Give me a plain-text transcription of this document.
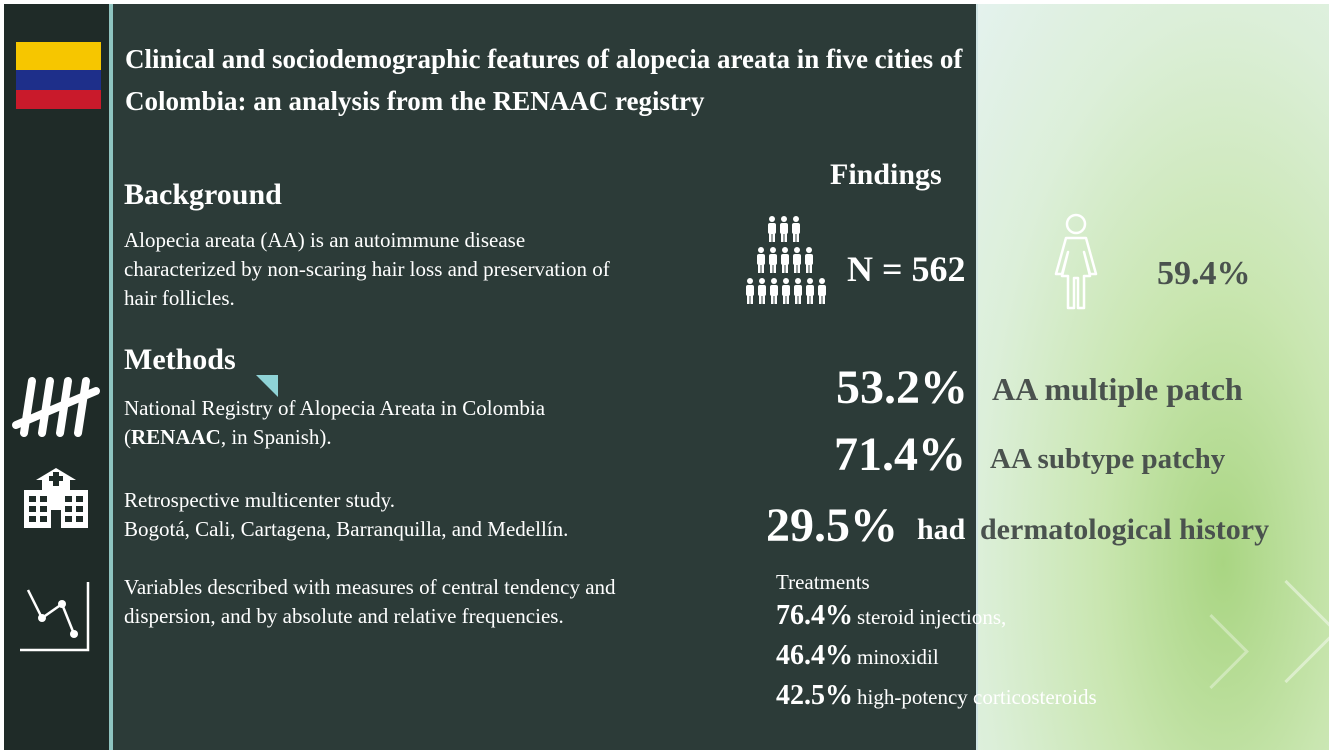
Clinical and sociodemographic features of alopecia areata in five cities of Colombia: an analysis from the RENAAC registry
Background
Alopecia areata (AA) is an autoimmune disease characterized by non-scaring hair loss and preservation of hair follicles.
Methods
National Registry of Alopecia Areata in Colombia
(RENAAC, in Spanish).
Retrospective multicenter study.
Bogotá, Cali, Cartagena, Barranquilla, and Medellín.
Variables described with measures of central tendency and dispersion, and by absolute and relative frequencies.
Findings
N = 562	59.4%
53.2% AA multiple patch
71.4% AA subtype patchy
29.5% had dermatological history
Treatments
76.4% steroid injections,
46.4% minoxidil
42.5% high-potency corticosteroids
